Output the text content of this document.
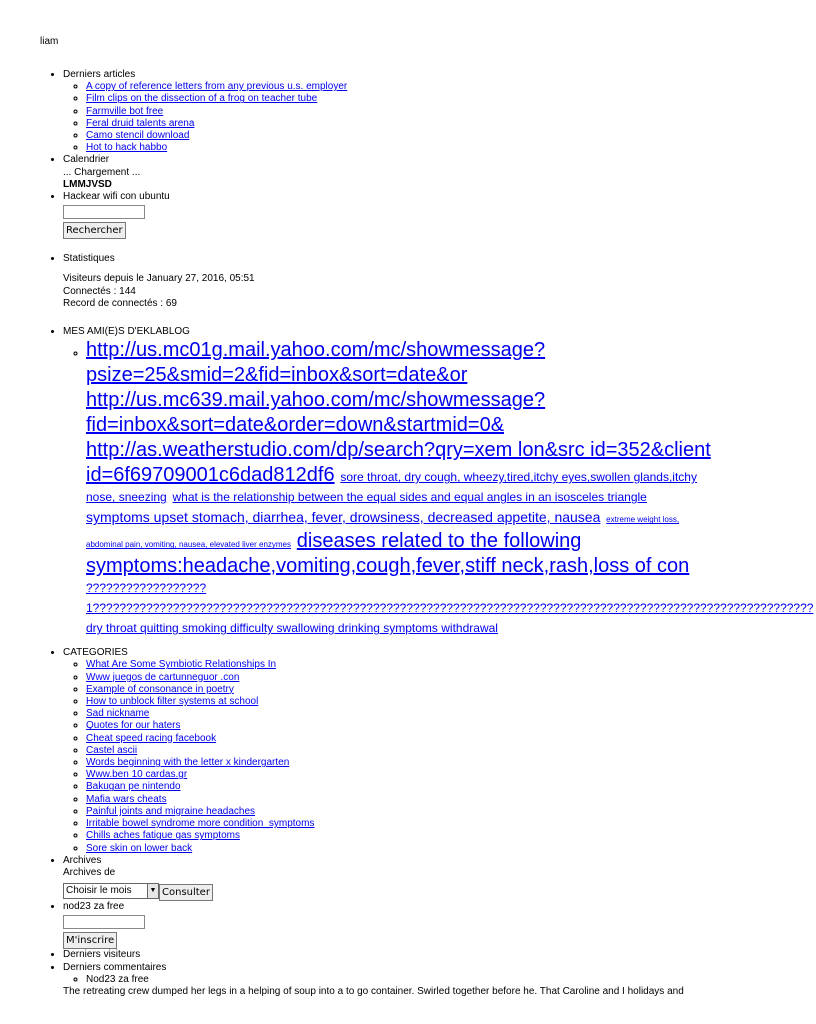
liam
• Derniers articles
◦ A copy of reference letters from any previous u.s. employer
◦ Film clips on the dissection of a frog on teacher tube
◦ Farmville bot free
◦ Feral druid talents arena
◦ Camo stencil download
◦ Hot to hack habbo
• Calendrier
... Chargement ...
LMMJVSD
• Hackear wifi con ubuntu
Rechercher
• Statistiques
Visiteurs depuis le January 27, 2016, 05:51
Connectés : 144
Record de connectés : 69
• MES AMI(E)S D'EKLABLOG
◦ http://us.mc01g.mail.yahoo.com/mc/showmessage?psize=25&smid=2&fid=inbox&sort=date&or http://us.mc639.mail.yahoo.com/mc/showmessage?fid=inbox&sort=date&order=down&startmid=0& http://as.weatherstudio.com/dp/search?qry=xem lon&src id=352&client id=6f69709001c6dad812df6 sore throat, dry cough, wheezy,tired,itchy eyes,swollen glands,itchy nose, sneezing what is the relationship between the equal sides and equal angles in an isosceles triangle symptoms upset stomach, diarrhea, fever, drowsiness, decreased appetite, nausea extreme weight loss, abdominal pain, vomiting, nausea, elevated liver enzymes diseases related to the following symptoms:headache,vomiting,cough,fever,stiff neck,rash,loss of con ?????????????????? 1???????????????????????????????????????????????????????????????????????????????????????????????????????????? dry throat quitting smoking difficulty swallowing drinking symptoms withdrawal
• CATEGORIES
◦ What Are Some Symbiotic Relationships In
◦ Www juegos de cartunneguor .con
◦ Example of consonance in poetry
◦ How to unblock filter systems at school
◦ Sad nickname
◦ Quotes for our haters
◦ Cheat speed racing facebook
◦ Castel ascii
◦ Words beginning with the letter x kindergarten
◦ Www.ben 10 cardas.gr
◦ Bakugan pe nintendo
◦ Mafia wars cheats
◦ Painful joints and migraine headaches
◦ Irritable bowel syndrome more condition_symptoms
◦ Chills aches fatigue gas symptoms
◦ Sore skin on lower back
• Archives
Archives de
Choisir le mois	▼ Consulter
• nod23 za free
M'inscrire
• Derniers visiteurs
• Derniers commentaires
◦ Nod23 za free
The retreating crew dumped her legs in a helping of soup into a to go container. Swirled together before he. That Caroline and I holidays and
